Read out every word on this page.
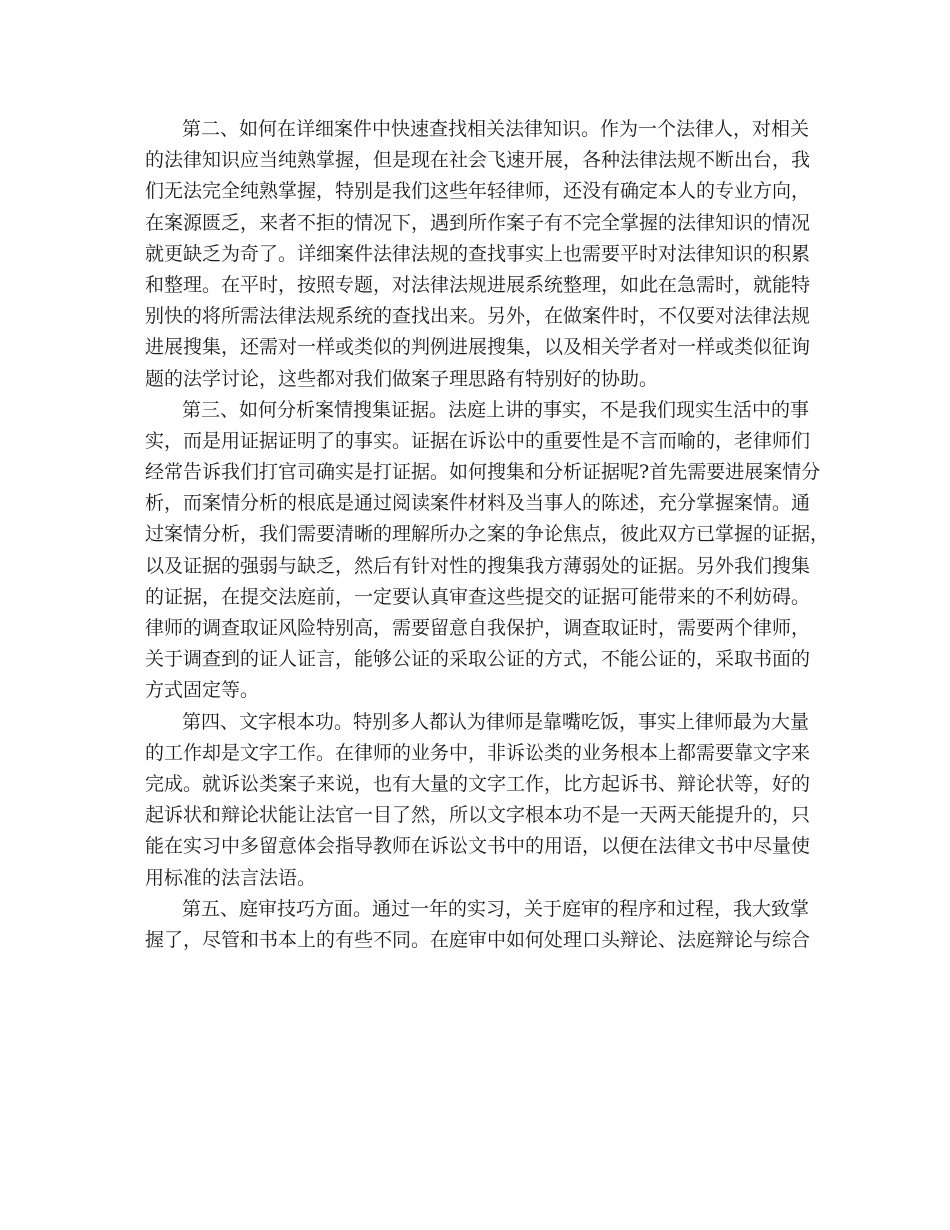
第二、如何在详细案件中快速查找相关法律知识。作为一个法律人，对相关
的法律知识应当纯熟掌握，但是现在社会飞速开展，各种法律法规不断出台，我
们无法完全纯熟掌握，特别是我们这些年轻律师，还没有确定本人的专业方向，
在案源匮乏，来者不拒的情况下，遇到所作案子有不完全掌握的法律知识的情况
就更缺乏为奇了。详细案件法律法规的查找事实上也需要平时对法律知识的积累
和整理。在平时，按照专题，对法律法规进展系统整理，如此在急需时，就能特
别快的将所需法律法规系统的查找出来。另外，在做案件时，不仅要对法律法规
进展搜集，还需对一样或类似的判例进展搜集，以及相关学者对一样或类似征询
题的法学讨论，这些都对我们做案子理思路有特别好的协助。
第三、如何分析案情搜集证据。法庭上讲的事实，不是我们现实生活中的事
实，而是用证据证明了的事实。证据在诉讼中的重要性是不言而喻的，老律师们
经常告诉我们打官司确实是打证据。如何搜集和分析证据呢?首先需要进展案情分
析，而案情分析的根底是通过阅读案件材料及当事人的陈述，充分掌握案情。通
过案情分析，我们需要清晰的理解所办之案的争论焦点，彼此双方已掌握的证据，
以及证据的强弱与缺乏，然后有针对性的搜集我方薄弱处的证据。另外我们搜集
的证据，在提交法庭前，一定要认真审查这些提交的证据可能带来的不利妨碍。
律师的调查取证风险特别高，需要留意自我保护，调查取证时，需要两个律师，
关于调查到的证人证言，能够公证的采取公证的方式，不能公证的，采取书面的
方式固定等。
第四、文字根本功。特别多人都认为律师是靠嘴吃饭，事实上律师最为大量
的工作却是文字工作。在律师的业务中，非诉讼类的业务根本上都需要靠文字来
完成。就诉讼类案子来说，也有大量的文字工作，比方起诉书、辩论状等，好的
起诉状和辩论状能让法官一目了然，所以文字根本功不是一天两天能提升的，只
能在实习中多留意体会指导教师在诉讼文书中的用语，以便在法律文书中尽量使
用标准的法言法语。
第五、庭审技巧方面。通过一年的实习，关于庭审的程序和过程，我大致掌
握了，尽管和书本上的有些不同。在庭审中如何处理口头辩论、法庭辩论与综合
